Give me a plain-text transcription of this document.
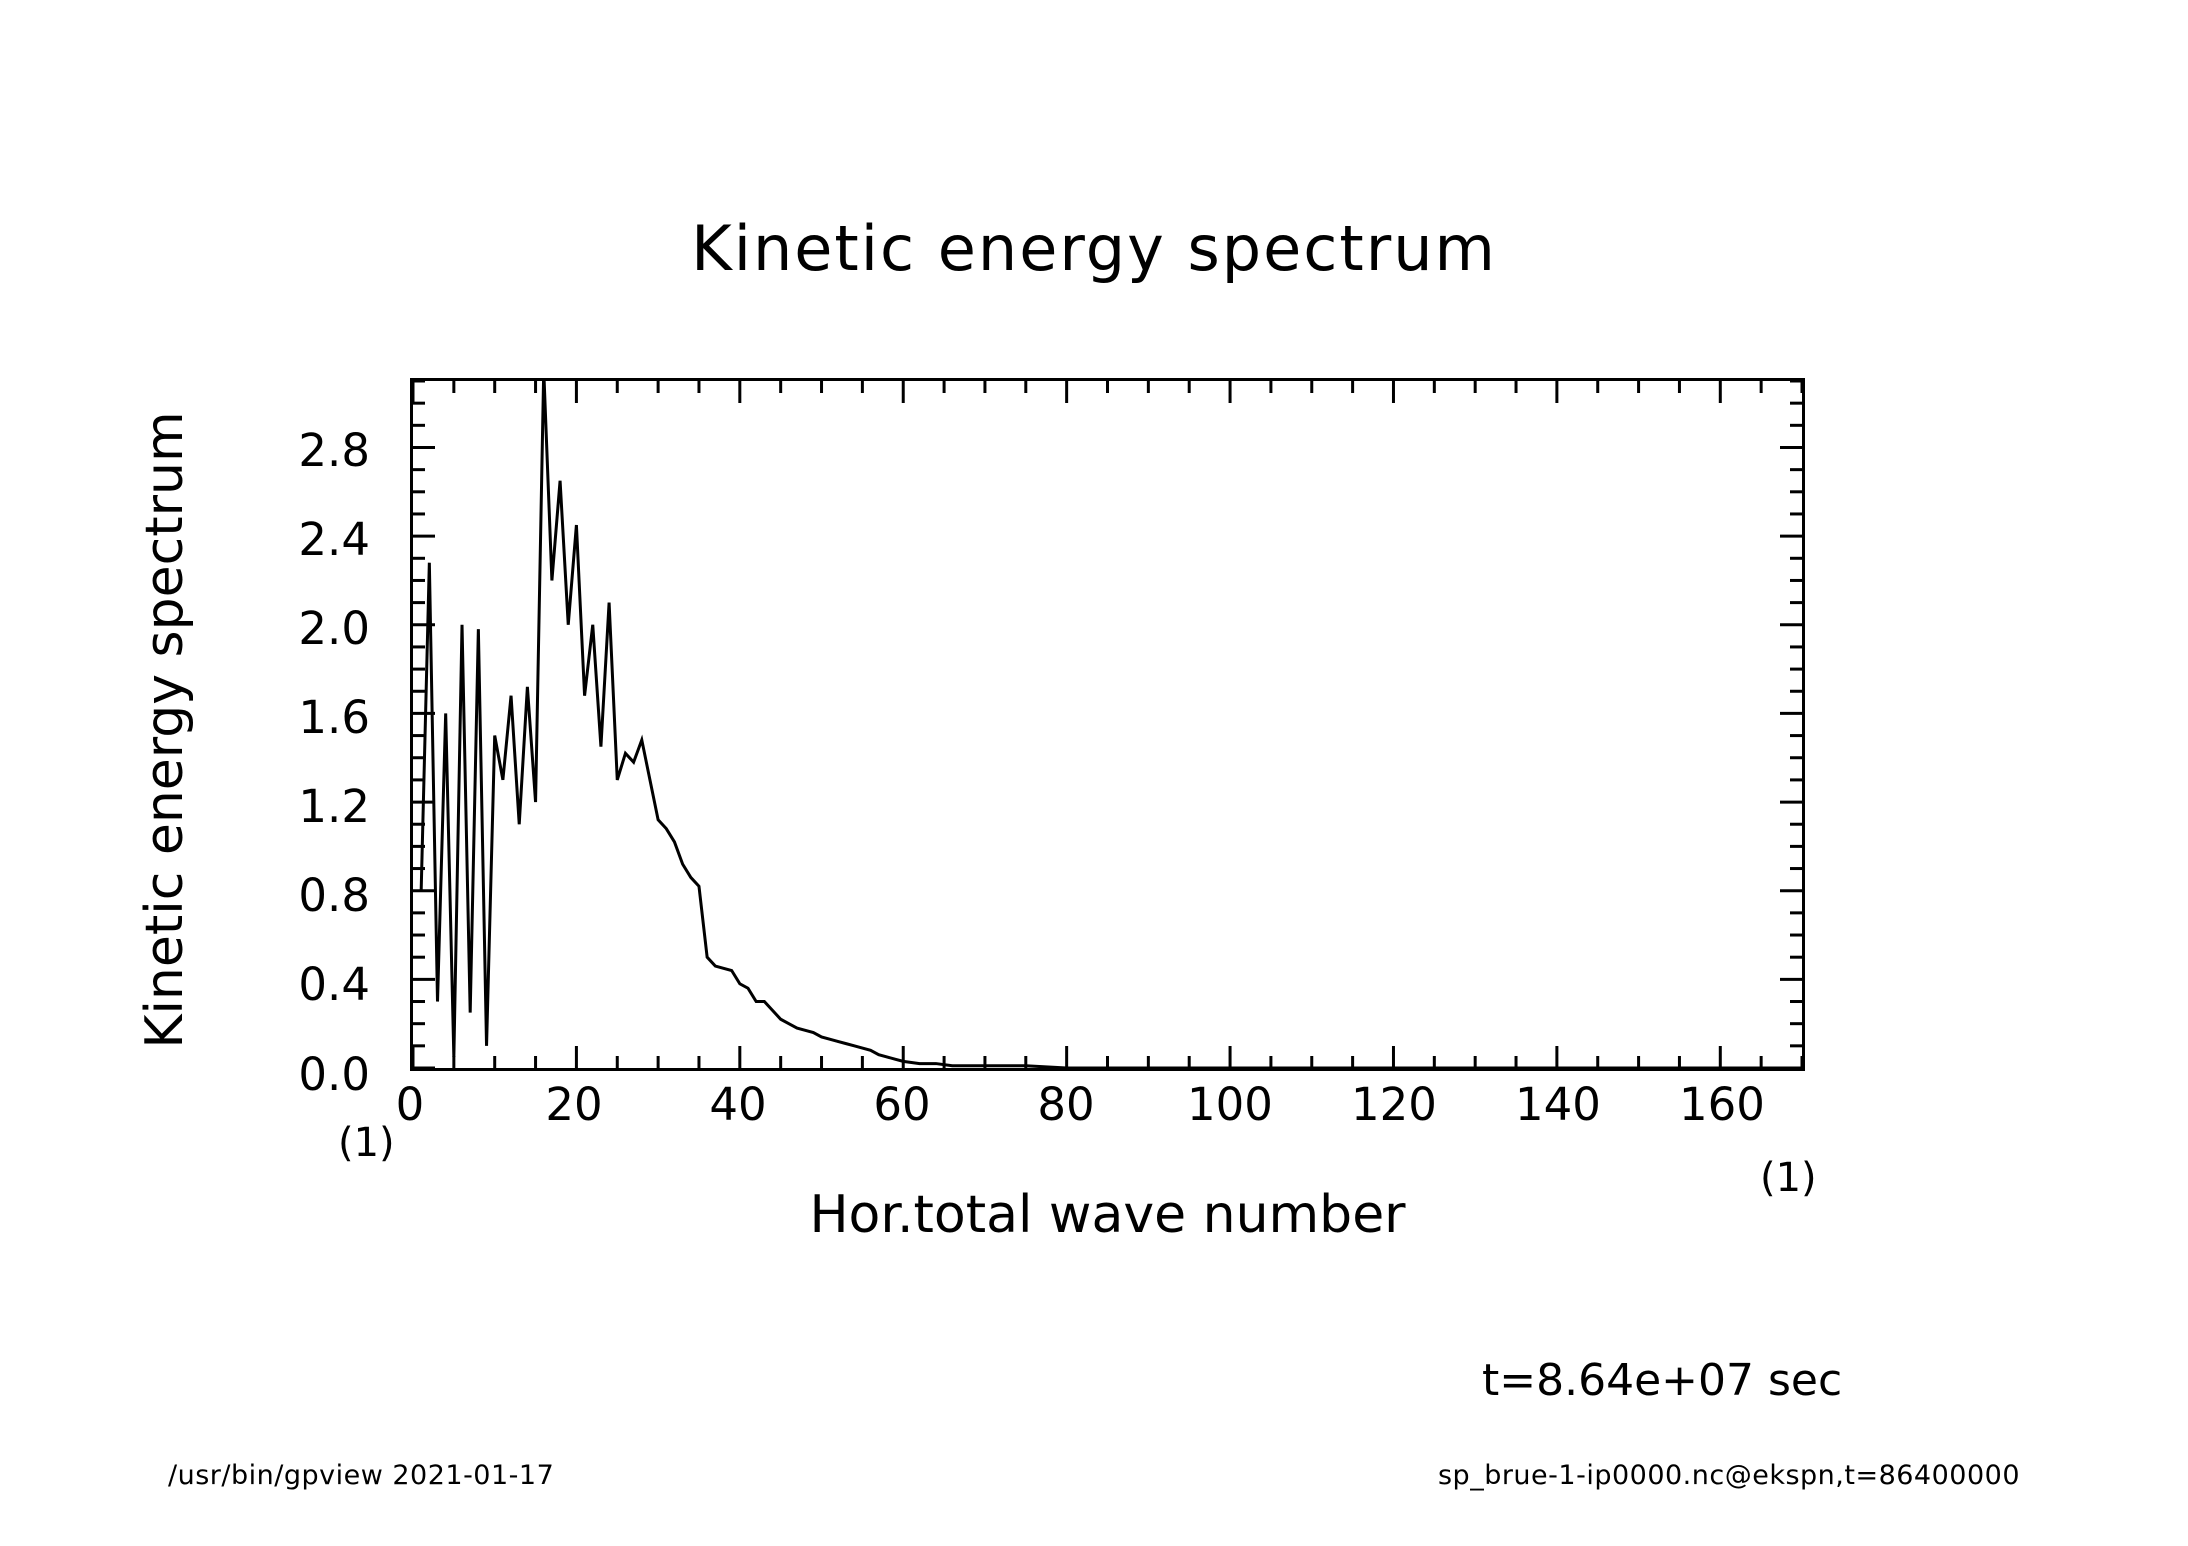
Kinetic energy spectrum
0.0
0.4
0.8
1.2
1.6
2.0
2.4
2.8
0	20	40	60	80	100	120	140	160
Kinetic energy spectrum
Hor.total wave number
(1)
(1)
t=8.64e+07 sec
/usr/bin/gpview 2021-01-17	sp_brue-1-ip0000.nc@ekspn,t=86400000
